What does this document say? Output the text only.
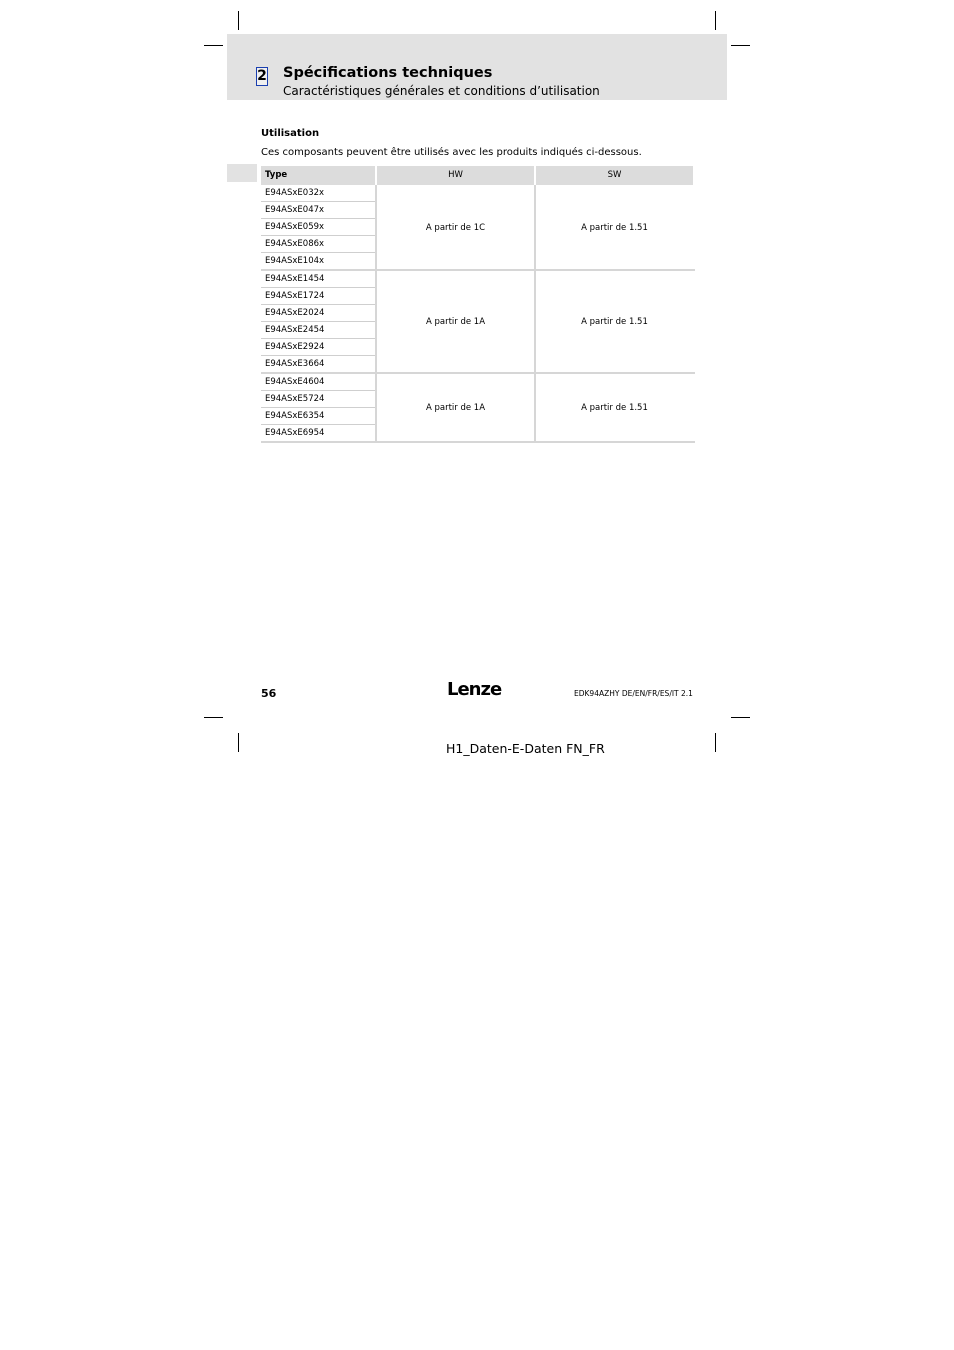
2 Spécifications techniques
Caractéristiques générales et conditions d’utilisation
Utilisation
Ces composants peuvent être utilisés avec les produits indiqués ci-dessous.
Type	HW	SW
E94ASxE032x
E94ASxE047x
E94ASxE059x
E94ASxE086x
E94ASxE104x
A partir de 1C	A partir de 1.51
E94ASxE1454
E94ASxE1724
E94ASxE2024
E94ASxE2454
E94ASxE2924
E94ASxE3664
A partir de 1A	A partir de 1.51
E94ASxE4604
E94ASxE5724
E94ASxE6354
E94ASxE6954
A partir de 1A	A partir de 1.51
56	Lenze	EDK94AZHY DE/EN/FR/ES/IT 2.1
H1_Daten-E-Daten FN_FR
